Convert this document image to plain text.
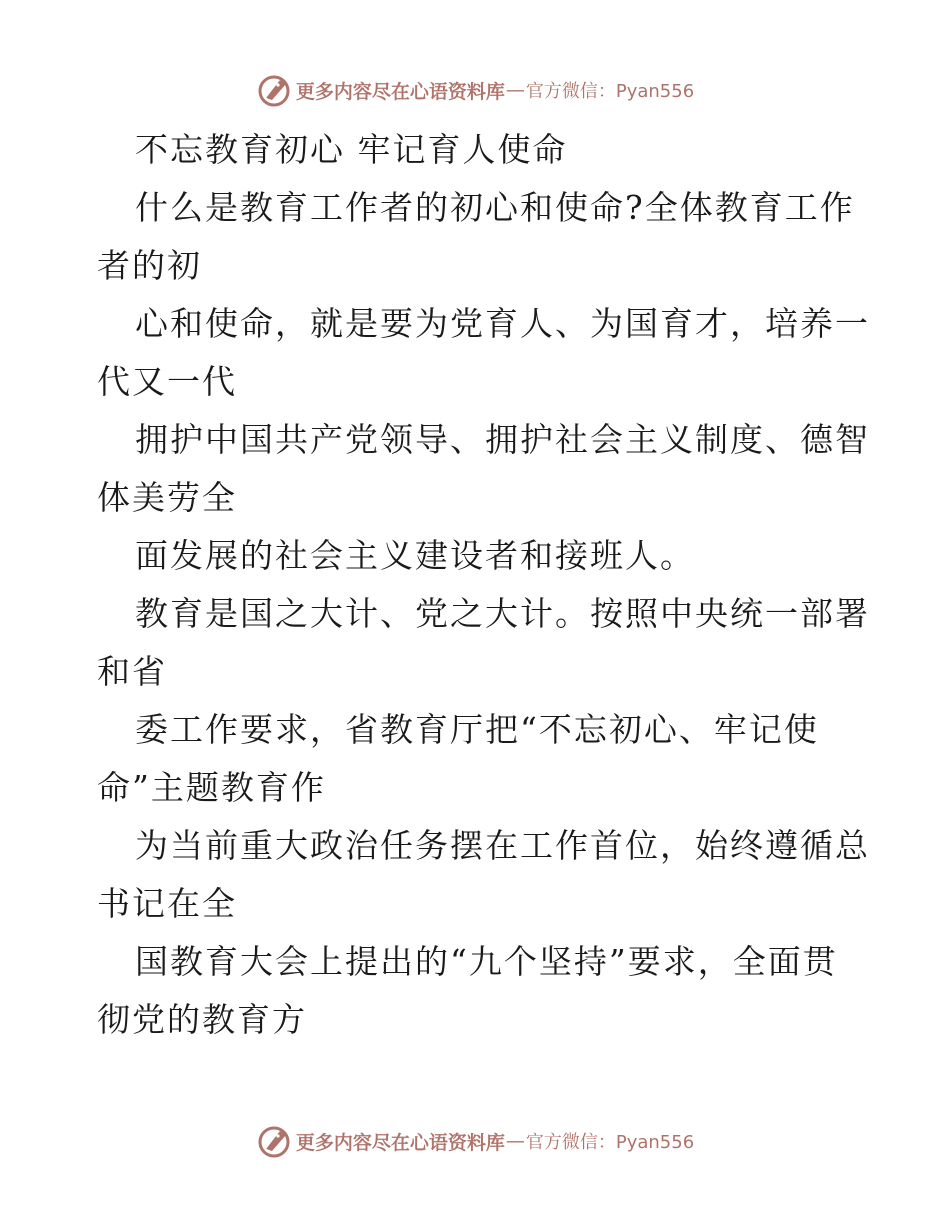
更多内容尽在心语资料库 — 官方微信：Pyan556
不忘教育初心 牢记育人使命
什么是教育工作者的初心和使命?全体教育工作
者的初
心和使命，就是要为党育人、为国育才，培养一
代又一代
拥护中国共产党领导、拥护社会主义制度、德智
体美劳全
面发展的社会主义建设者和接班人。
教育是国之大计、党之大计。按照中央统一部署
和省
委工作要求，省教育厅把“不忘初心、牢记使
命”主题教育作
为当前重大政治任务摆在工作首位，始终遵循总
书记在全
国教育大会上提出的“九个坚持”要求，全面贯
彻党的教育方
更多内容尽在心语资料库 — 官方微信：Pyan556
